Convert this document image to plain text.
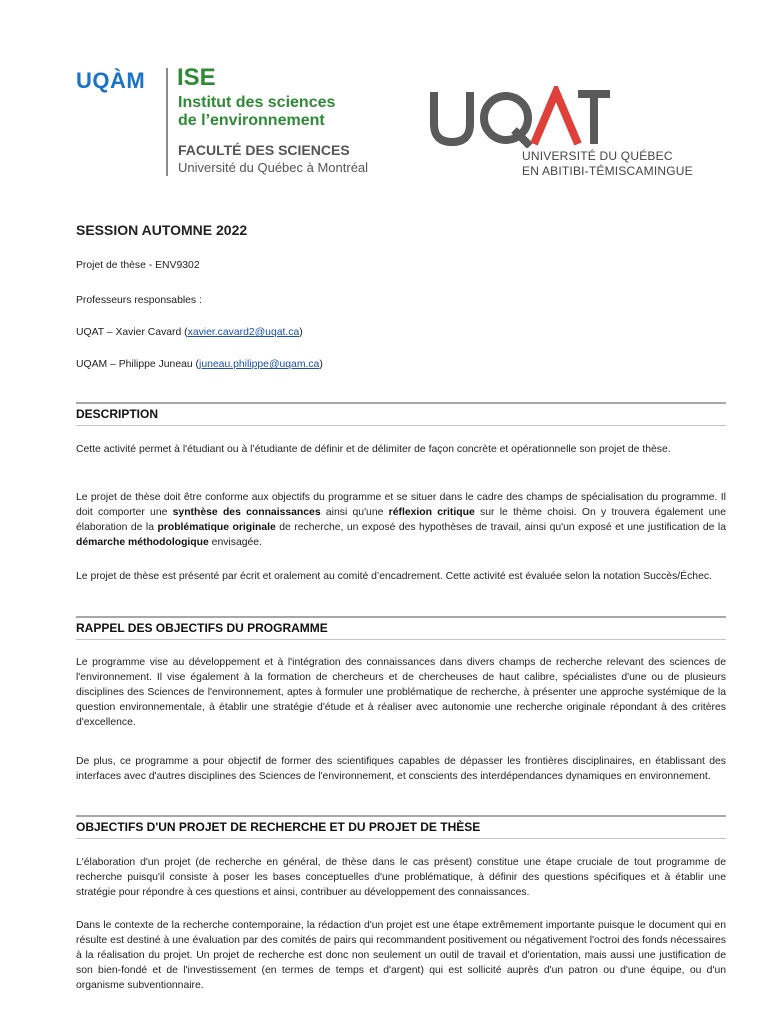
UQÀM ISE
Institut des sciences
de l’environnement
FACULTÉ DES SCIENCES
Université du Québec à Montréal
UNIVERSITÉ DU QUÉBEC
EN ABITIBI-TÉMISCAMINGUE
SESSION AUTOMNE 2022

Projet de thèse - ENV9302

Professeurs responsables :

UQAT – Xavier Cavard (xavier.cavard2@uqat.ca)

UQAM – Philippe Juneau (juneau.philippe@uqam.ca)

DESCRIPTION

Cette activité permet à l'étudiant ou à l’étudiante de définir et de délimiter de façon concrète et opérationnelle son projet de thèse.

Le projet de thèse doit être conforme aux objectifs du programme et se situer dans le cadre des champs de spécialisation du programme. Il doit comporter une synthèse des connaissances ainsi qu'une réflexion critique sur le thème choisi. On y trouvera également une élaboration de la problématique originale de recherche, un exposé des hypothèses de travail, ainsi qu'un exposé et une justification de la démarche méthodologique envisagée.

Le projet de thèse est présenté par écrit et oralement au comité d’encadrement. Cette activité est évaluée selon la notation Succès/Échec.

RAPPEL DES OBJECTIFS DU PROGRAMME

Le programme vise au développement et à l'intégration des connaissances dans divers champs de recherche relevant des sciences de l'environnement. Il vise également à la formation de chercheurs et de chercheuses de haut calibre, spécialistes d'une ou de plusieurs disciplines des Sciences de l'environnement, aptes à formuler une problématique de recherche, à présenter une approche systémique de la question environnementale, à établir une stratégie d'étude et à réaliser avec autonomie une recherche originale répondant à des critères d'excellence.

De plus, ce programme a pour objectif de former des scientifiques capables de dépasser les frontières disciplinaires, en établissant des interfaces avec d'autres disciplines des Sciences de l'environnement, et conscients des interdépendances dynamiques en environnement.

OBJECTIFS D'UN PROJET DE RECHERCHE ET DU PROJET DE THÈSE

L'élaboration d'un projet (de recherche en général, de thèse dans le cas présent) constitue une étape cruciale de tout programme de recherche puisqu'il consiste à poser les bases conceptuelles d'une problématique, à définir des questions spécifiques et à établir une stratégie pour répondre à ces questions et ainsi, contribuer au développement des connaissances.

Dans le contexte de la recherche contemporaine, la rédaction d'un projet est une étape extrêmement importante puisque le document qui en résulte est destiné à une évaluation par des comités de pairs qui recommandent positivement ou négativement l'octroi des fonds nécessaires à la réalisation du projet. Un projet de recherche est donc non seulement un outil de travail et d'orientation, mais aussi une justification de son bien-fondé et de l'investissement (en termes de temps et d'argent) qui est sollicité auprès d'un patron ou d'une équipe, ou d'un organisme subventionnaire.
